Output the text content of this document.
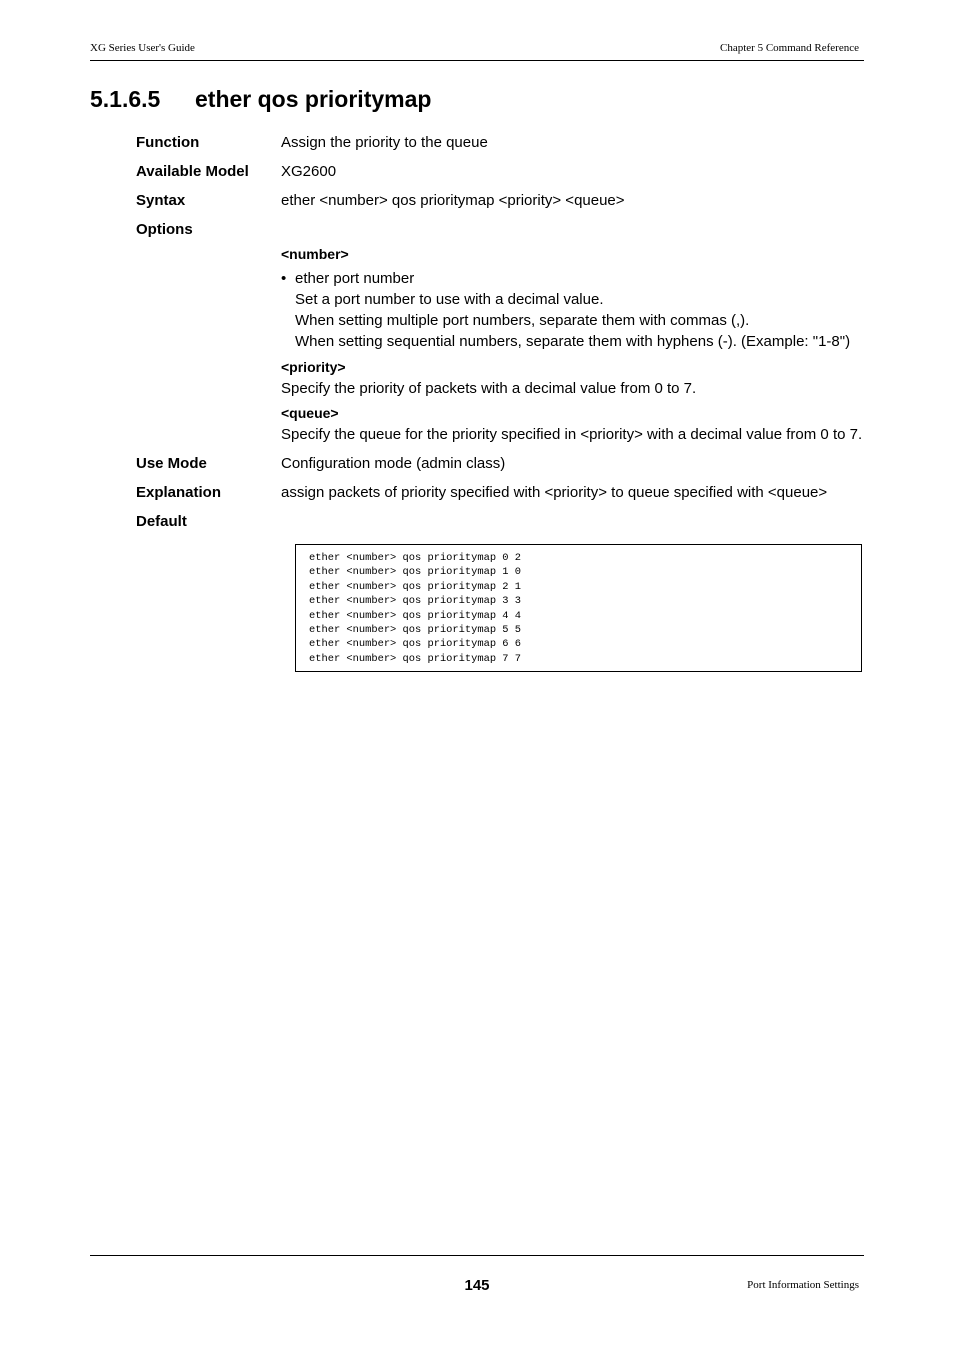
XG Series User's Guide	Chapter 5 Command Reference
5.1.6.5 ether qos prioritymap
Function	Assign the priority to the queue
Available Model XG2600
Syntax	ether <number> qos prioritymap <priority> <queue>
Options
<number>
• ether port number
Set a port number to use with a decimal value.
When setting multiple port numbers, separate them with commas (,).
When setting sequential numbers, separate them with hyphens (-). (Example: "1-8")
<priority>
Specify the priority of packets with a decimal value from 0 to 7.
<queue>
Specify the queue for the priority specified in <priority> with a decimal value from 0 to 7.
Use Mode	Configuration mode (admin class)
Explanation	assign packets of priority specified with <priority> to queue specified with <queue>
Default
ether <number> qos prioritymap 0 2
ether <number> qos prioritymap 1 0
ether <number> qos prioritymap 2 1
ether <number> qos prioritymap 3 3
ether <number> qos prioritymap 4 4
ether <number> qos prioritymap 5 5
ether <number> qos prioritymap 6 6
ether <number> qos prioritymap 7 7
145	Port Information Settings
